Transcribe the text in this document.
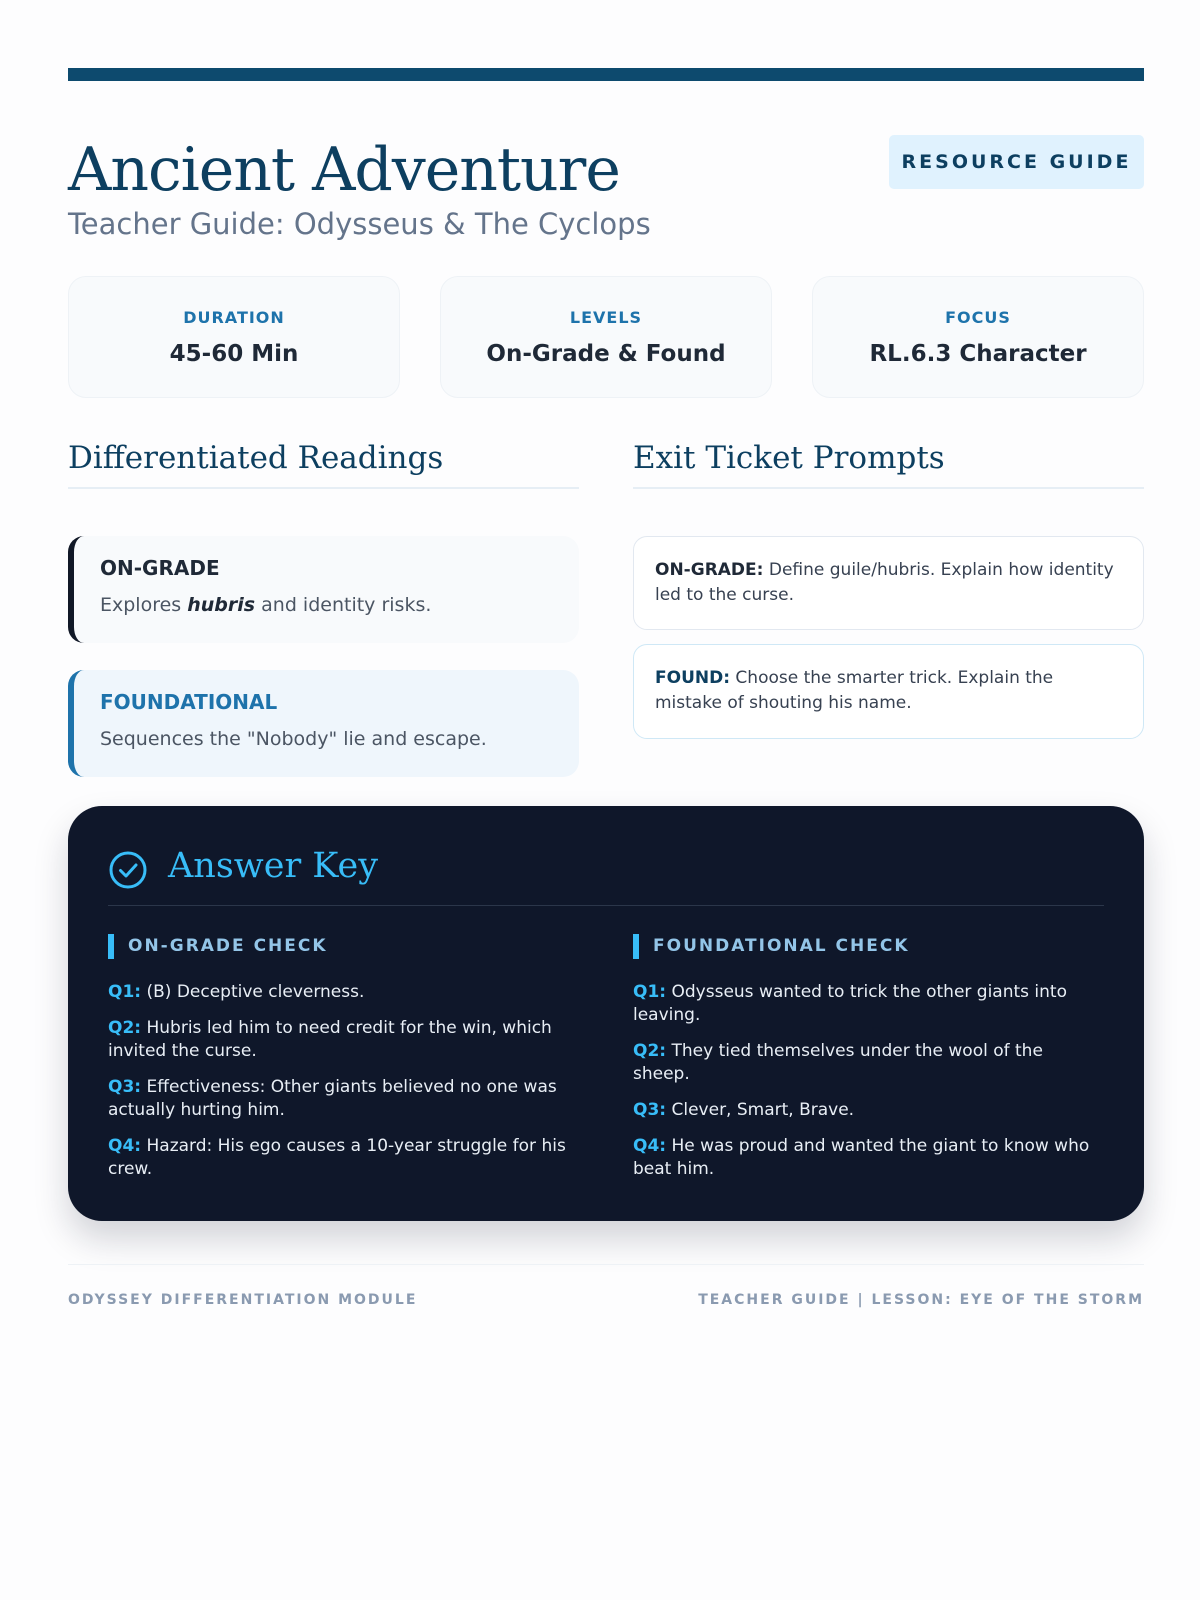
Ancient Adventure
Teacher Guide: Odysseus & The Cyclops
RESOURCE GUIDE
DURATION
45-60 Min
LEVELS
On-Grade & Found
FOCUS
RL.6.3 Character
Differentiated Readings
ON-GRADE
Explores hubris and identity risks.
FOUNDATIONAL
Sequences the "Nobody" lie and escape.
Exit Ticket Prompts
ON-GRADE: Define guile/hubris. Explain how identity led to the curse.
FOUND: Choose the smarter trick. Explain the mistake of shouting his name.
Answer Key
ON-GRADE CHECK
Q1: (B) Deceptive cleverness.
Q2: Hubris led him to need credit for the win, which invited the curse.
Q3: Effectiveness: Other giants believed no one was actually hurting him.
Q4: Hazard: His ego causes a 10-year struggle for his crew.
FOUNDATIONAL CHECK
Q1: Odysseus wanted to trick the other giants into leaving.
Q2: They tied themselves under the wool of the sheep.
Q3: Clever, Smart, Brave.
Q4: He was proud and wanted the giant to know who beat him.
ODYSSEY DIFFERENTIATION MODULE	TEACHER GUIDE | LESSON: EYE OF THE STORM
